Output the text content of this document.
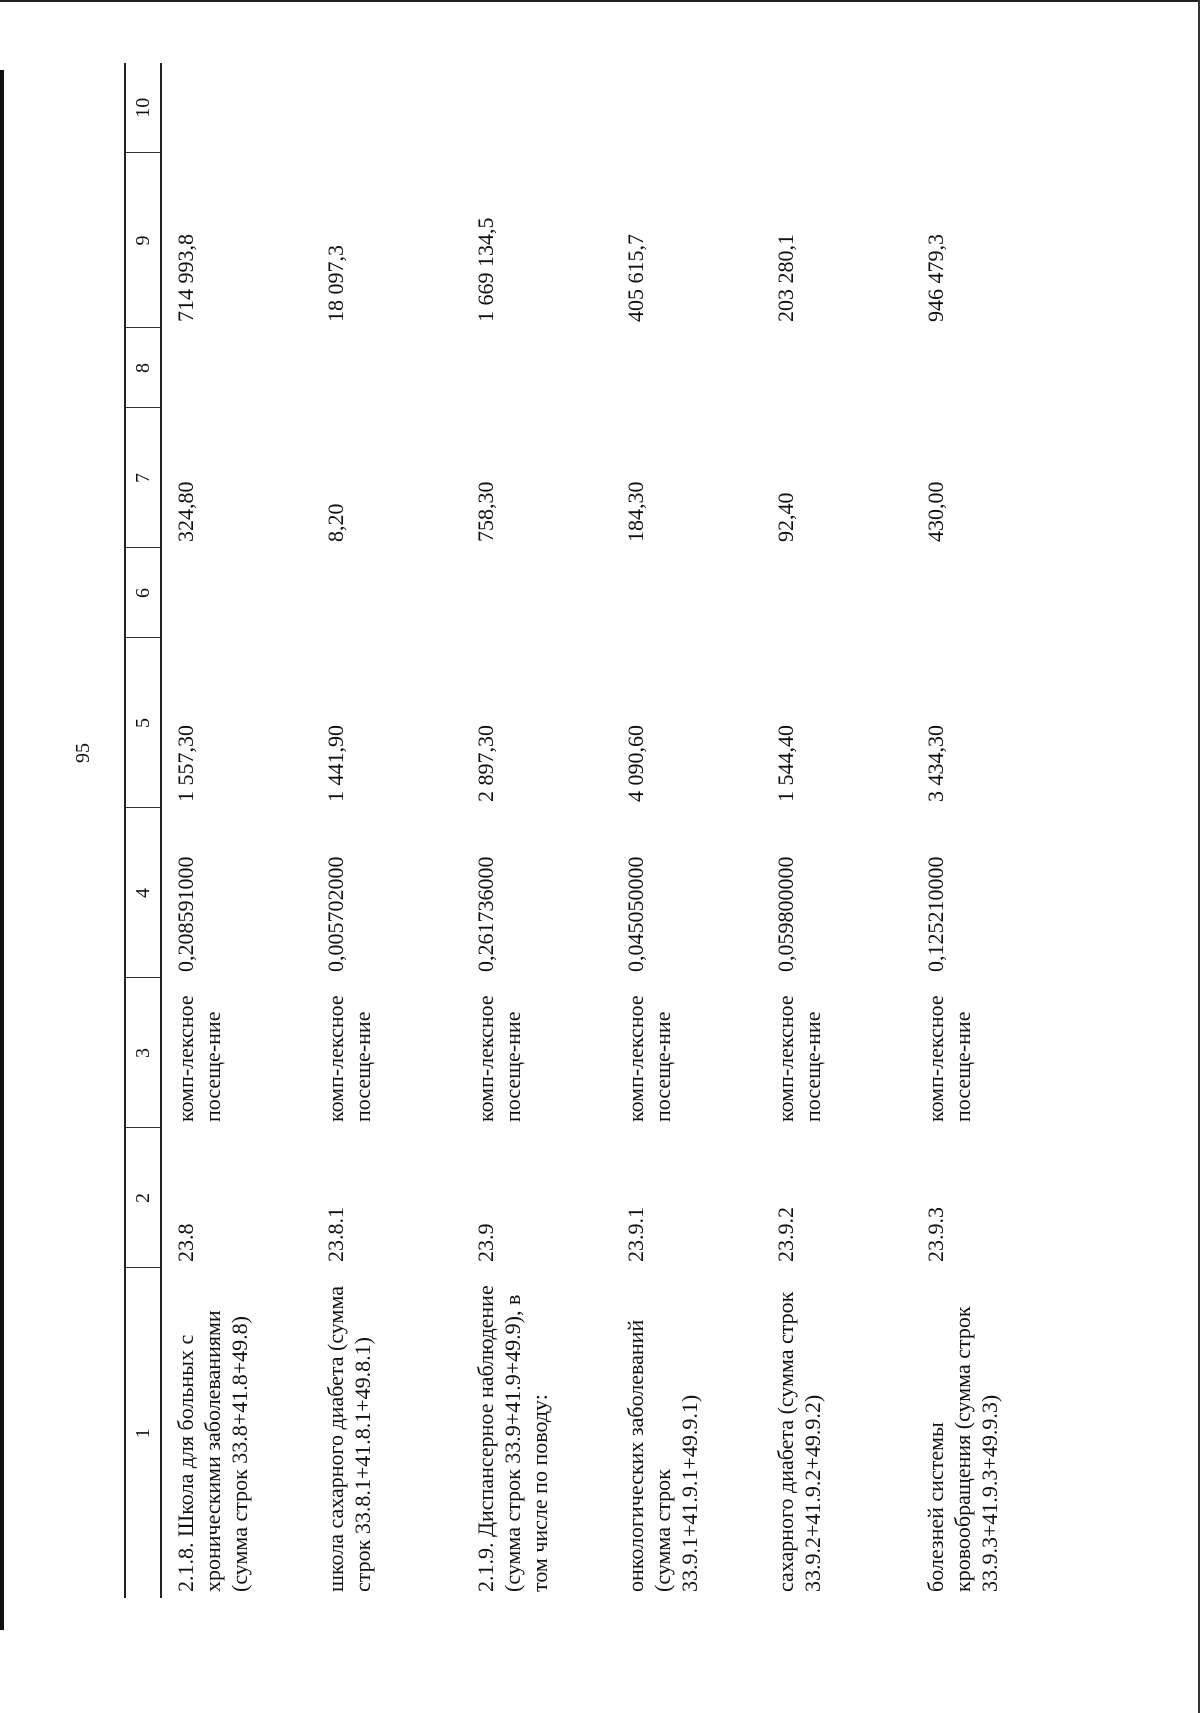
95
1	2	3	4	5	6	7	8	9	10
2.1.8. Школа для больных с хроническими заболеваниями (сумма строк 33.8+41.8+49.8)	23.8	комп-лексное посеще-ние	0,208591000	1 557,30		324,80		714 993,8	
школа сахарного диабета (сумма строк 33.8.1+41.8.1+49.8.1)	23.8.1	комп-лексное посеще-ние	0,005702000	1 441,90		8,20		18 097,3	
2.1.9. Диспансерное наблюдение (сумма строк 33.9+41.9+49.9), в том числе по поводу:	23.9	комп-лексное посеще-ние	0,261736000	2 897,30		758,30		1 669 134,5	
онкологических заболеваний (сумма строк 33.9.1+41.9.1+49.9.1)	23.9.1	комп-лексное посеще-ние	0,045050000	4 090,60		184,30		405 615,7	
сахарного диабета (сумма строк 33.9.2+41.9.2+49.9.2)	23.9.2	комп-лексное посеще-ние	0,059800000	1 544,40		92,40		203 280,1	
болезней системы кровообращения (сумма строк 33.9.3+41.9.3+49.9.3)	23.9.3	комп-лексное посеще-ние	0,125210000	3 434,30		430,00		946 479,3	
